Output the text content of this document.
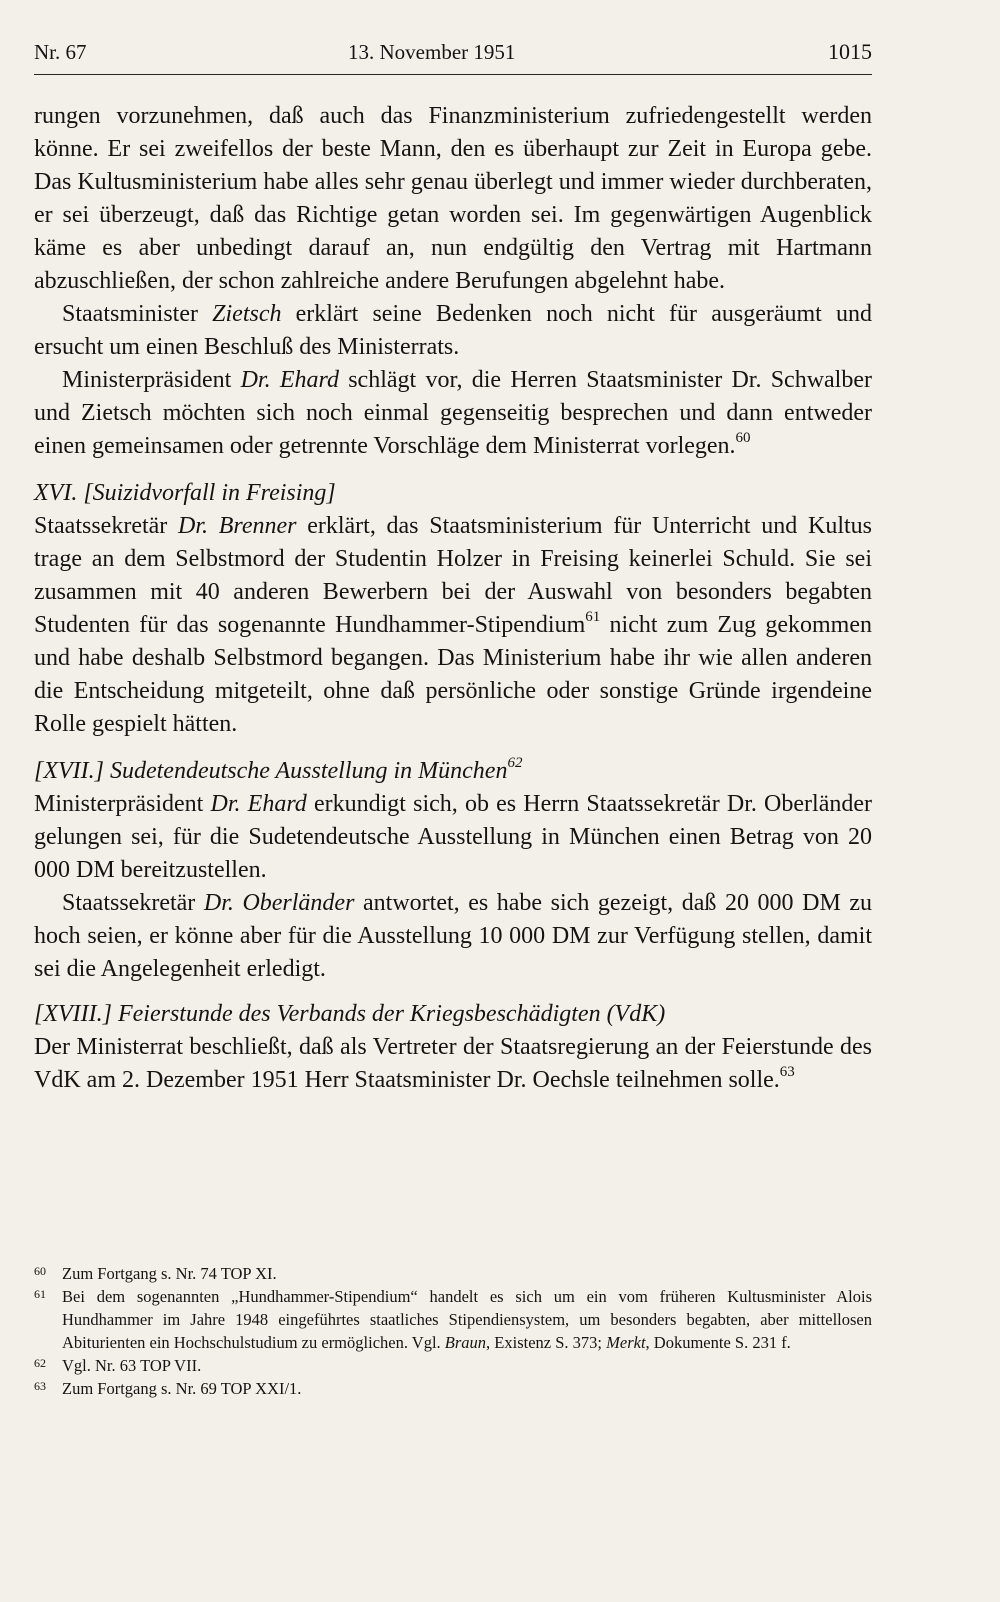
Nr. 67	13. November 1951	1015

rungen vorzunehmen, daß auch das Finanzministerium zufriedengestellt werden könne. Er sei zweifellos der beste Mann, den es überhaupt zur Zeit in Europa gebe. Das Kultusministerium habe alles sehr genau überlegt und immer wieder durchberaten, er sei überzeugt, daß das Richtige getan worden sei. Im gegenwärtigen Augenblick käme es aber unbedingt darauf an, nun endgültig den Vertrag mit Hartmann abzuschließen, der schon zahlreiche andere Berufungen abgelehnt habe.

Staatsminister Zietsch erklärt seine Bedenken noch nicht für ausgeräumt und ersucht um einen Beschluß des Ministerrats.

Ministerpräsident Dr. Ehard schlägt vor, die Herren Staatsminister Dr. Schwalber und Zietsch möchten sich noch einmal gegenseitig besprechen und dann entweder einen gemeinsamen oder getrennte Vorschläge dem Ministerrat vorlegen.$^{60}$

XVI. [Suizidvorfall in Freising]

Staatssekretär Dr. Brenner erklärt, das Staatsministerium für Unterricht und Kultus trage an dem Selbstmord der Studentin Holzer in Freising keinerlei Schuld. Sie sei zusammen mit 40 anderen Bewerbern bei der Auswahl von besonders begabten Studenten für das sogenannte Hundhammer-Stipendium$^{61}$ nicht zum Zug gekommen und habe deshalb Selbstmord begangen. Das Ministerium habe ihr wie allen anderen die Entscheidung mitgeteilt, ohne daß persönliche oder sonstige Gründe irgendeine Rolle gespielt hätten.

[XVII.] Sudetendeutsche Ausstellung in München$^{62}$

Ministerpräsident Dr. Ehard erkundigt sich, ob es Herrn Staatssekretär Dr. Oberländer gelungen sei, für die Sudetendeutsche Ausstellung in München einen Betrag von 20 000 DM bereitzustellen.

Staatssekretär Dr. Oberländer antwortet, es habe sich gezeigt, daß 20 000 DM zu hoch seien, er könne aber für die Ausstellung 10 000 DM zur Verfügung stellen, damit sei die Angelegenheit erledigt.

[XVIII.] Feierstunde des Verbands der Kriegsbeschädigten (VdK)

Der Ministerrat beschließt, daß als Vertreter der Staatsregierung an der Feierstunde des VdK am 2. Dezember 1951 Herr Staatsminister Dr. Oechsle teilnehmen solle.$^{63}$

60 Zum Fortgang s. Nr. 74 TOP XI.
61 Bei dem sogenannten „Hundhammer-Stipendium“ handelt es sich um ein vom früheren Kultusminister Alois Hundhammer im Jahre 1948 eingeführtes staatliches Stipendiensystem, um besonders begabten, aber mittellosen Abiturienten ein Hochschulstudium zu ermöglichen. Vgl. Braun, Existenz S. 373; Merkt, Dokumente S. 231 f.
62 Vgl. Nr. 63 TOP VII.
63 Zum Fortgang s. Nr. 69 TOP XXI/1.
